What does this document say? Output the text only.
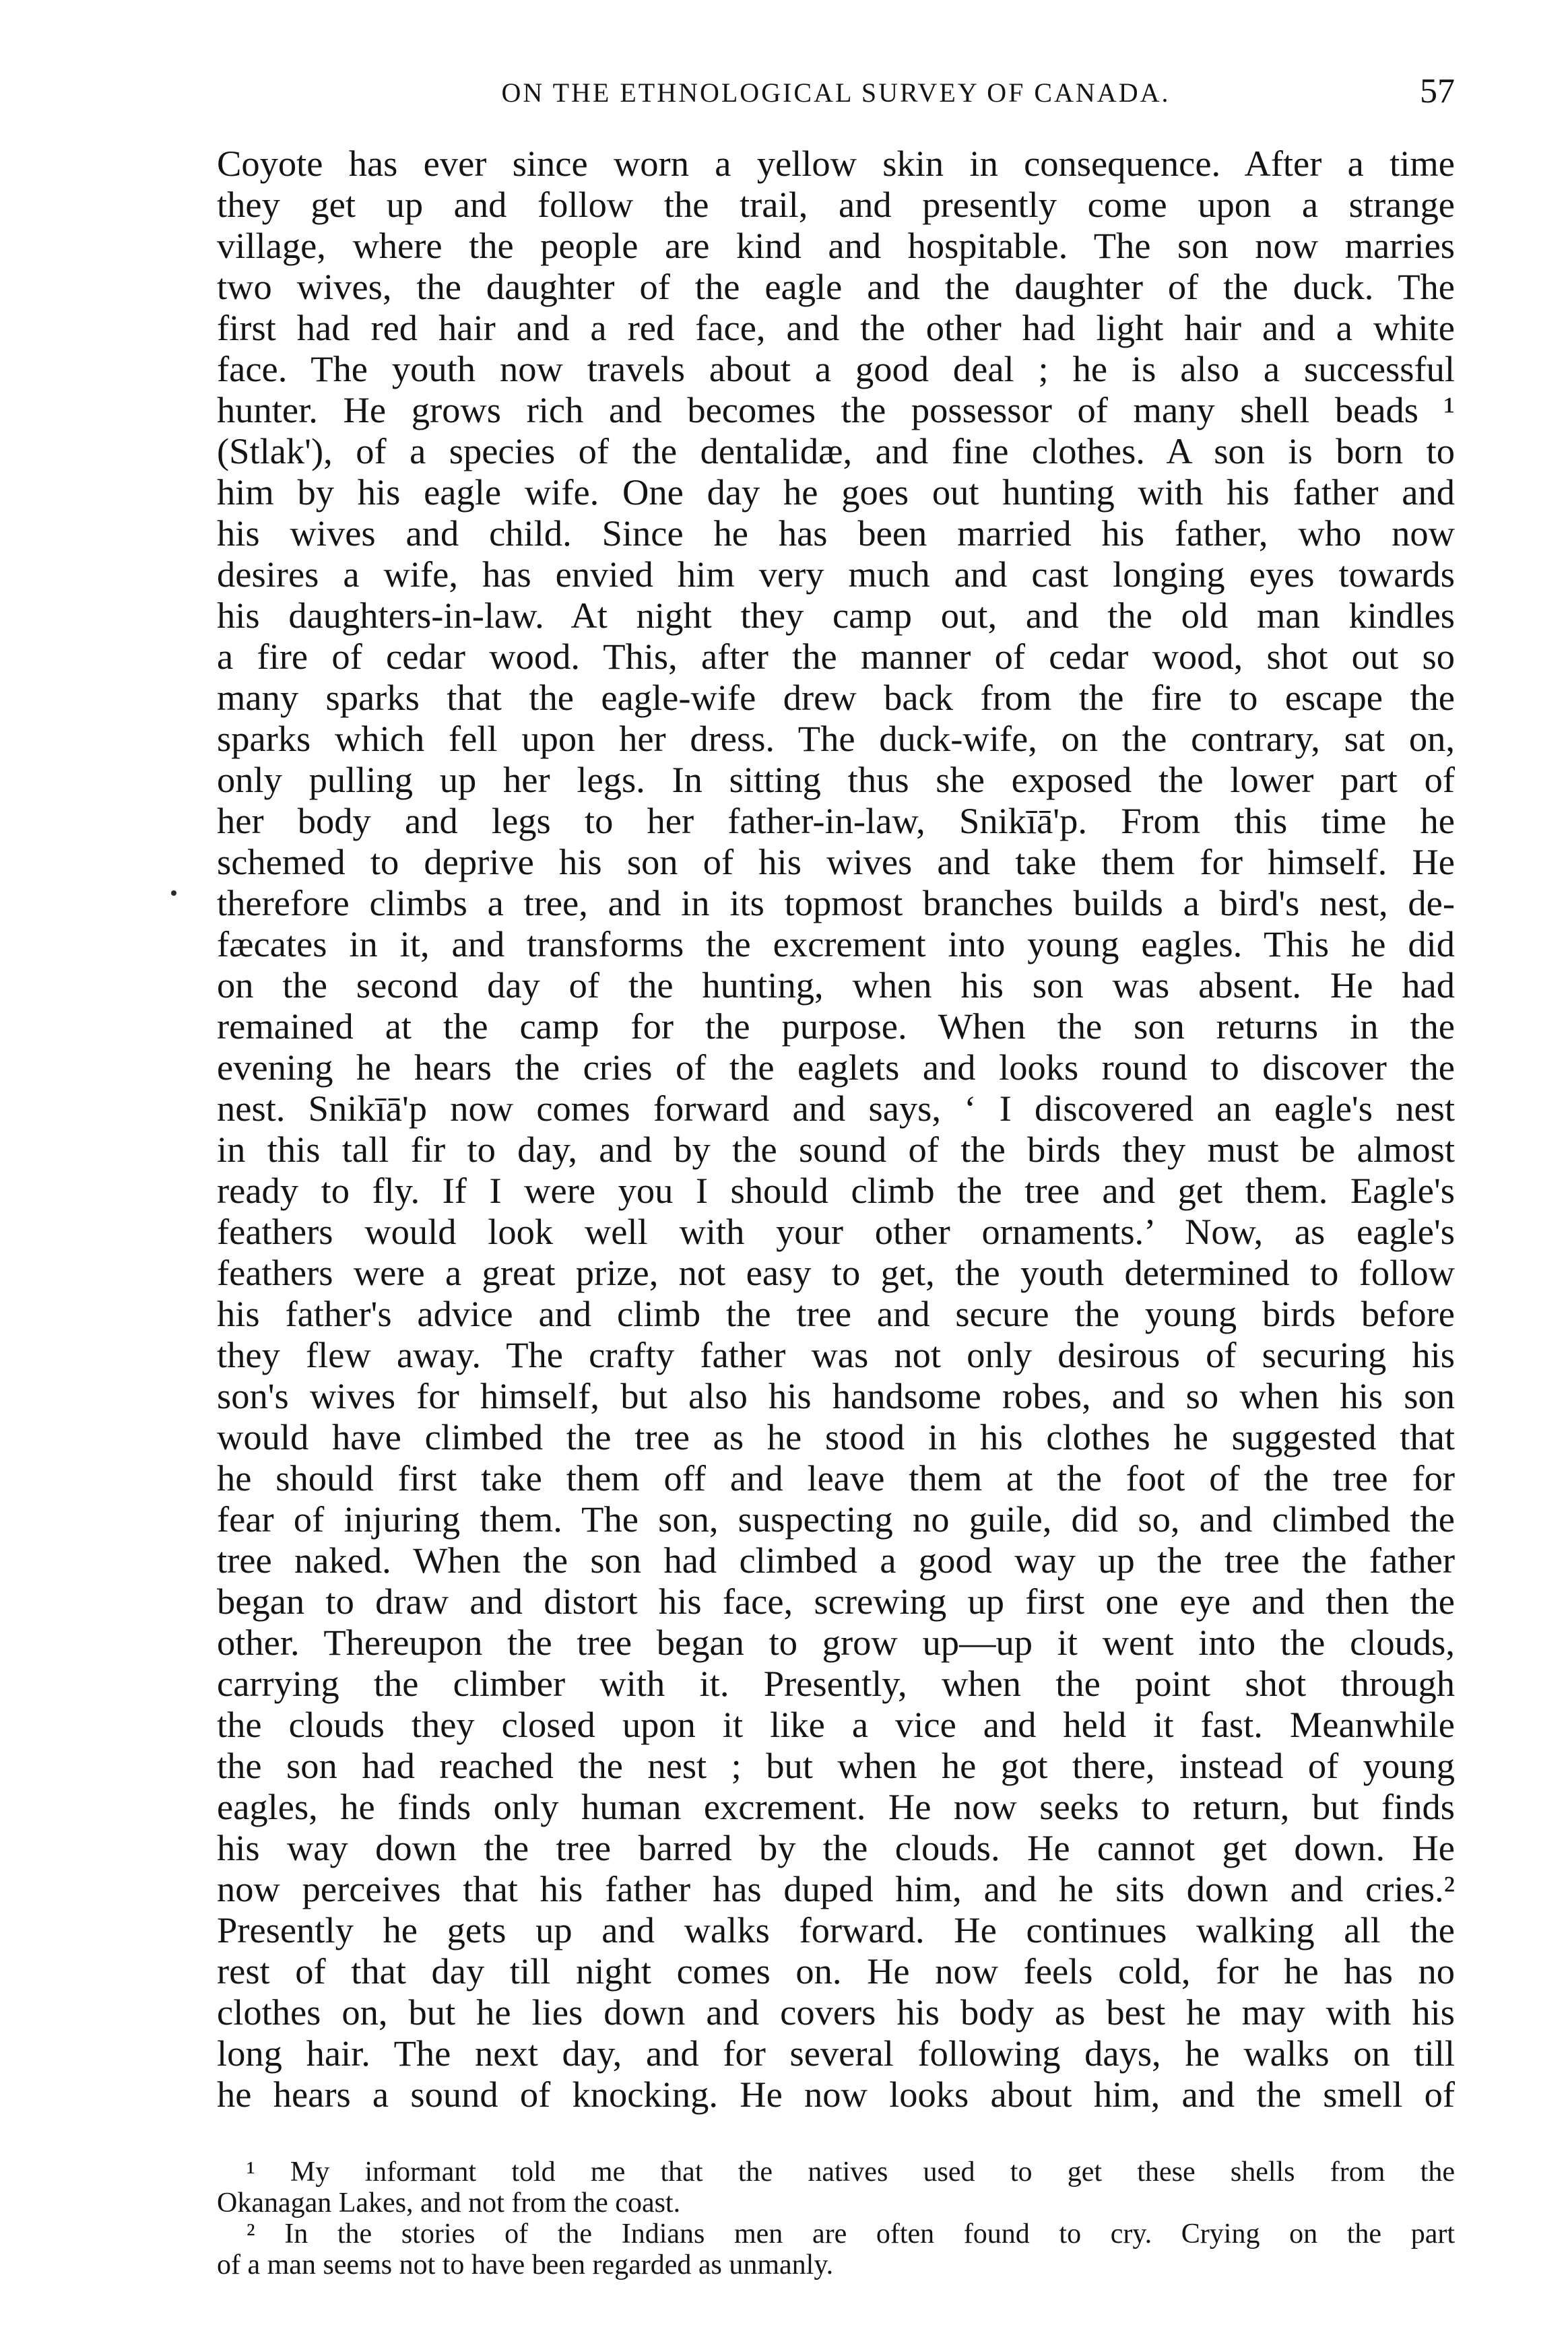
ON THE ETHNOLOGICAL SURVEY OF CANADA.	57
Coyote has ever since worn a yellow skin in consequence. After a time
they get up and follow the trail, and presently come upon a strange
village, where the people are kind and hospitable. The son now marries
two wives, the daughter of the eagle and the daughter of the duck. The
first had red hair and a red face, and the other had light hair and a white
face. The youth now travels about a good deal ; he is also a successful
hunter. He grows rich and becomes the possessor of many shell beads ¹
(Stlak'), of a species of the dentalidæ, and fine clothes. A son is born to
him by his eagle wife. One day he goes out hunting with his father and
his wives and child. Since he has been married his father, who now
desires a wife, has envied him very much and cast longing eyes towards
his daughters-in-law. At night they camp out, and the old man kindles
a fire of cedar wood. This, after the manner of cedar wood, shot out so
many sparks that the eagle-wife drew back from the fire to escape the
sparks which fell upon her dress. The duck-wife, on the contrary, sat on,
only pulling up her legs. In sitting thus she exposed the lower part of
her body and legs to her father-in-law, Snikīā'p. From this time he
schemed to deprive his son of his wives and take them for himself. He
therefore climbs a tree, and in its topmost branches builds a bird's nest, de-
fæcates in it, and transforms the excrement into young eagles. This he did
on the second day of the hunting, when his son was absent. He had
remained at the camp for the purpose. When the son returns in the
evening he hears the cries of the eaglets and looks round to discover the
nest. Snikīā'p now comes forward and says, ‘ I discovered an eagle's nest
in this tall fir to day, and by the sound of the birds they must be almost
ready to fly. If I were you I should climb the tree and get them. Eagle's
feathers would look well with your other ornaments.’ Now, as eagle's
feathers were a great prize, not easy to get, the youth determined to follow
his father's advice and climb the tree and secure the young birds before
they flew away. The crafty father was not only desirous of securing his
son's wives for himself, but also his handsome robes, and so when his son
would have climbed the tree as he stood in his clothes he suggested that
he should first take them off and leave them at the foot of the tree for
fear of injuring them. The son, suspecting no guile, did so, and climbed the
tree naked. When the son had climbed a good way up the tree the father
began to draw and distort his face, screwing up first one eye and then the
other. Thereupon the tree began to grow up—up it went into the clouds,
carrying the climber with it. Presently, when the point shot through
the clouds they closed upon it like a vice and held it fast. Meanwhile
the son had reached the nest ; but when he got there, instead of young
eagles, he finds only human excrement. He now seeks to return, but finds
his way down the tree barred by the clouds. He cannot get down. He
now perceives that his father has duped him, and he sits down and cries.²
Presently he gets up and walks forward. He continues walking all the
rest of that day till night comes on. He now feels cold, for he has no
clothes on, but he lies down and covers his body as best he may with his
long hair. The next day, and for several following days, he walks on till
he hears a sound of knocking. He now looks about him, and the smell of
¹ My informant told me that the natives used to get these shells from the
Okanagan Lakes, and not from the coast.
² In the stories of the Indians men are often found to cry. Crying on the part
of a man seems not to have been regarded as unmanly.
